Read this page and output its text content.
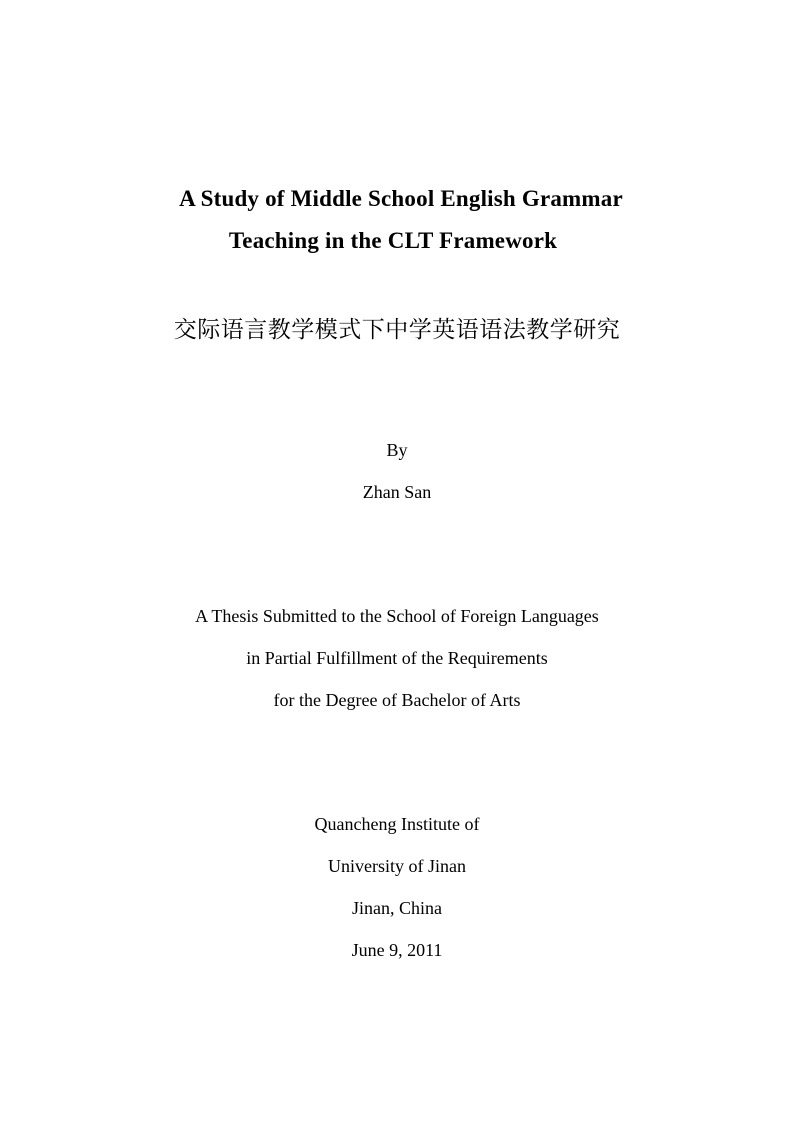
A Study of Middle School English Grammar
Teaching in the CLT Framework
交际语言教学模式下中学英语语法教学研究
By
Zhan San
A Thesis Submitted to the School of Foreign Languages
in Partial Fulfillment of the Requirements
for the Degree of Bachelor of Arts
Quancheng Institute of
University of Jinan
Jinan, China
June 9, 2011
